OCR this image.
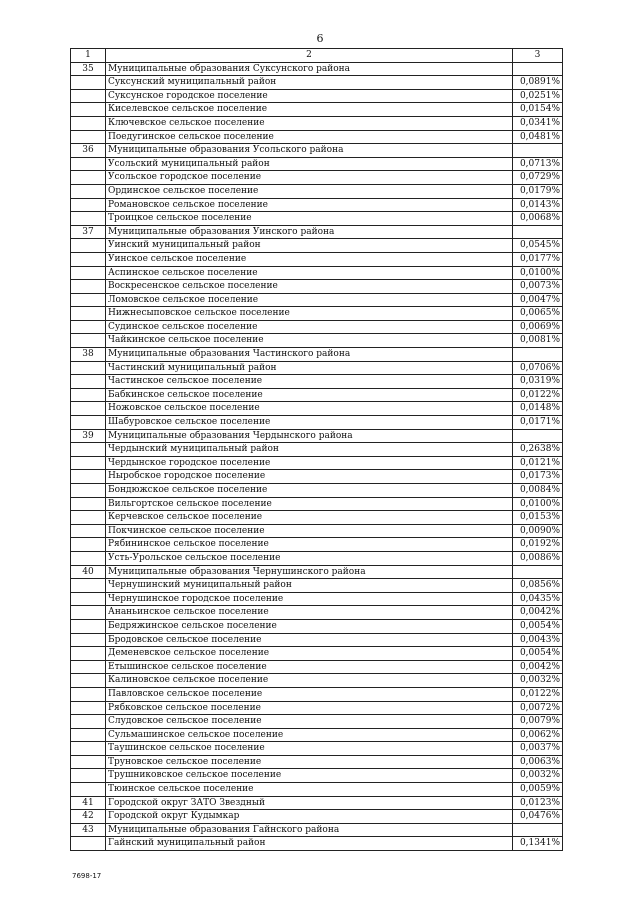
6
1	2	3
35	Муниципальные образования Суксунского района	
	Суксунский муниципальный район	0,0891%
	Суксунское городское поселение	0,0251%
	Киселевское сельское поселение	0,0154%
	Ключевское сельское поселение	0,0341%
	Поедугинское сельское поселение	0,0481%
36	Муниципальные образования Усольского района	
	Усольский муниципальный район	0,0713%
	Усольское городское поселение	0,0729%
	Ординское сельское поселение	0,0179%
	Романовское сельское поселение	0,0143%
	Троицкое сельское поселение	0,0068%
37	Муниципальные образования Уинского района	
	Уинский муниципальный район	0,0545%
	Уинское сельское поселение	0,0177%
	Аспинское сельское поселение	0,0100%
	Воскресенское сельское поселение	0,0073%
	Ломовское сельское поселение	0,0047%
	Нижнесыповское сельское поселение	0,0065%
	Судинское сельское поселение	0,0069%
	Чайкинское сельское поселение	0,0081%
38	Муниципальные образования Частинского района	
	Частинский муниципальный район	0,0706%
	Частинское сельское поселение	0,0319%
	Бабкинское сельское поселение	0,0122%
	Ножовское сельское поселение	0,0148%
	Шабуровское сельское поселение	0,0171%
39	Муниципальные образования Чердынского района	
	Чердынский муниципальный район	0,2638%
	Чердынское городское поселение	0,0121%
	Ныробское городское поселение	0,0173%
	Бондюжское сельское поселение	0,0084%
	Вильгортское сельское поселение	0,0100%
	Керчевское сельское поселение	0,0153%
	Покчинское сельское поселение	0,0090%
	Рябининское сельское поселение	0,0192%
	Усть-Урольское сельское поселение	0,0086%
40	Муниципальные образования Чернушинского района	
	Чернушинский муниципальный район	0,0856%
	Чернушинское городское поселение	0,0435%
	Ананьинское сельское поселение	0,0042%
	Бедряжинское сельское поселение	0,0054%
	Бродовское сельское поселение	0,0043%
	Деменевское сельское поселение	0,0054%
	Етышинское сельское поселение	0,0042%
	Калиновское сельское поселение	0,0032%
	Павловское сельское поселение	0,0122%
	Рябковское сельское поселение	0,0072%
	Слудовское сельское поселение	0,0079%
	Сульмашинское сельское поселение	0,0062%
	Таушинское сельское поселение	0,0037%
	Труновское сельское поселение	0,0063%
	Трушниковское сельское поселение	0,0032%
	Тюинское сельское поселение	0,0059%
41	Городской округ ЗАТО Звездный	0,0123%
42	Городской округ Кудымкар	0,0476%
43	Муниципальные образования Гайнского района	
	Гайнский муниципальный район	0,1341%
7698-17
